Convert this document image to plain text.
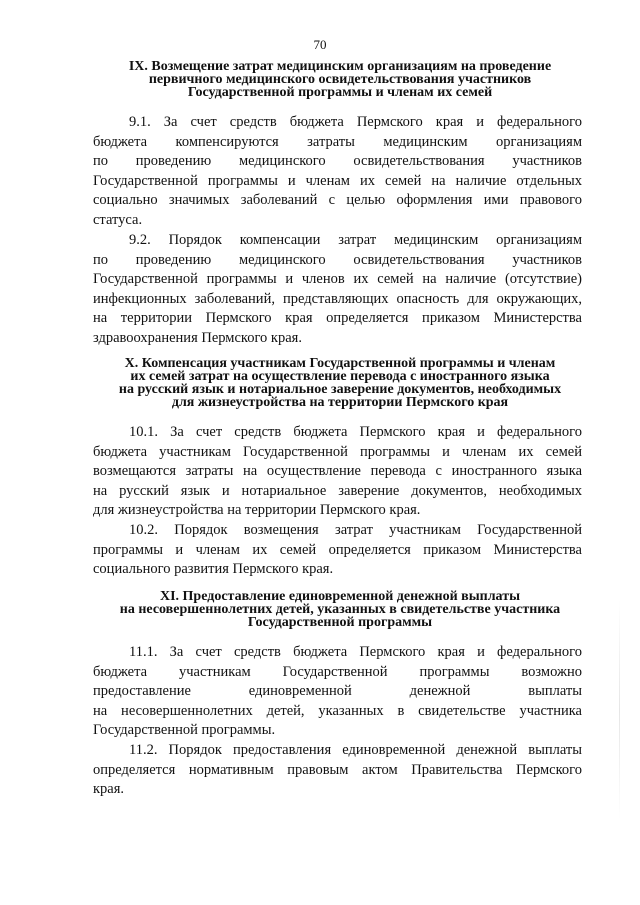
70
IX. Возмещение затрат медицинским организациям на проведение
первичного медицинского освидетельствования участников
Государственной программы и членам их семей
9.1. За счет средств бюджета Пермского края и федерального
бюджета компенсируются затраты медицинским организациям
по проведению медицинского освидетельствования участников
Государственной программы и членам их семей на наличие отдельных
социально значимых заболеваний с целью оформления ими правового
статуса.
9.2. Порядок компенсации затрат медицинским организациям
по проведению медицинского освидетельствования участников
Государственной программы и членов их семей на наличие (отсутствие)
инфекционных заболеваний, представляющих опасность для окружающих,
на территории Пермского края определяется приказом Министерства
здравоохранения Пермского края.
X. Компенсация участникам Государственной программы и членам
их семей затрат на осуществление перевода с иностранного языка
на русский язык и нотариальное заверение документов, необходимых
для жизнеустройства на территории Пермского края
10.1. За счет средств бюджета Пермского края и федерального
бюджета участникам Государственной программы и членам их семей
возмещаются затраты на осуществление перевода с иностранного языка
на русский язык и нотариальное заверение документов, необходимых
для жизнеустройства на территории Пермского края.
10.2. Порядок возмещения затрат участникам Государственной
программы и членам их семей определяется приказом Министерства
социального развития Пермского края.
XI. Предоставление единовременной денежной выплаты
на несовершеннолетних детей, указанных в свидетельстве участника
Государственной программы
11.1. За счет средств бюджета Пермского края и федерального
бюджета участникам Государственной программы возможно
предоставление единовременной денежной выплаты
на несовершеннолетних детей, указанных в свидетельстве участника
Государственной программы.
11.2. Порядок предоставления единовременной денежной выплаты
определяется нормативным правовым актом Правительства Пермского
края.
